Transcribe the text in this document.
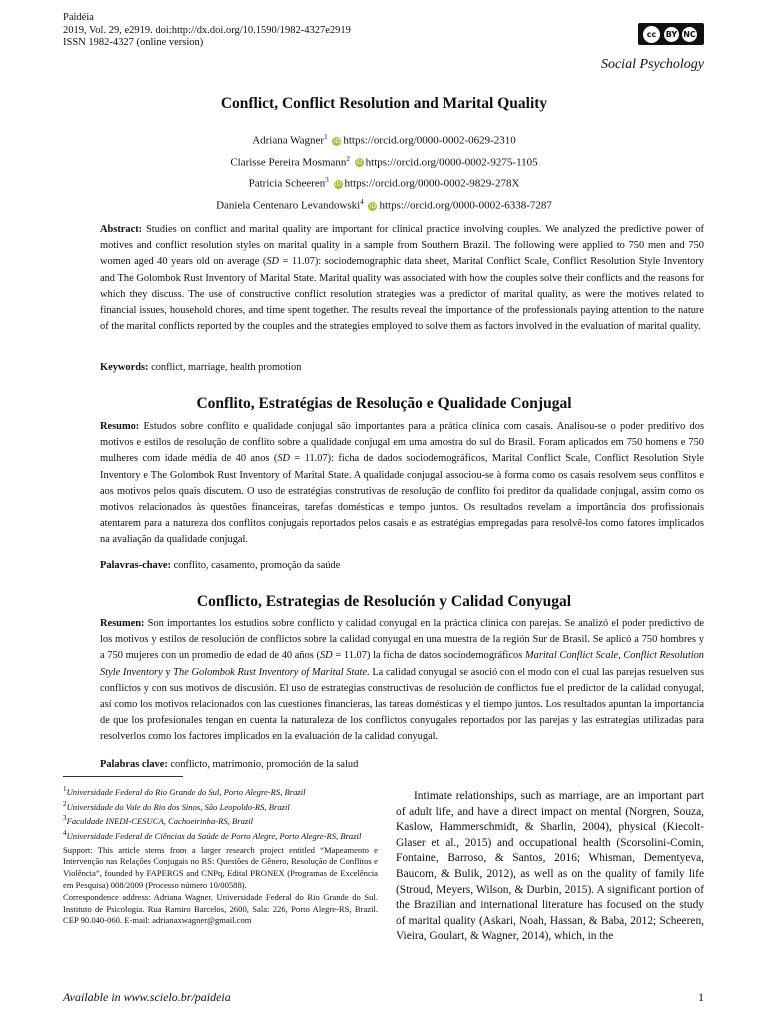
Paidéia
2019, Vol. 29, e2919. doi:http://dx.doi.org/10.1590/1982-4327e2919
ISSN 1982-4327 (online version)
cc	BY NC
Social Psychology
Conflict, Conflict Resolution and Marital Quality
Adriana Wagner$^1$ iD https://orcid.org/0000-0002-0629-2310
Clarisse Pereira Mosmann$^2$ iD https://orcid.org/0000-0002-9275-1105
Patricia Scheeren$^3$ iD https://orcid.org/0000-0002-9829-278X
Daniela Centenaro Levandowski$^4$ iD https://orcid.org/0000-0002-6338-7287
Abstract: Studies on conflict and marital quality are important for clinical practice involving couples. We analyzed the predictive power of motives and conflict resolution styles on marital quality in a sample from Southern Brazil. The following were applied to 750 men and 750 women aged 40 years old on average (SD = 11.07): sociodemographic data sheet, Marital Conflict Scale, Conflict Resolution Style Inventory and The Golombok Rust Inventory of Marital State. Marital quality was associated with how the couples solve their conflicts and the reasons for which they discuss. The use of constructive conflict resolution strategies was a predictor of marital quality, as were the motives related to financial issues, household chores, and time spent together. The results reveal the importance of the professionals paying attention to the nature of the marital conflicts reported by the couples and the strategies employed to solve them as factors involved in the evaluation of marital quality.
Keywords: conflict, marriage, health promotion
Conflito, Estratégias de Resolução e Qualidade Conjugal
Resumo: Estudos sobre conflito e qualidade conjugal são importantes para a prática clínica com casais. Analisou-se o poder preditivo dos motivos e estilos de resolução de conflito sobre a qualidade conjugal em uma amostra do sul do Brasil. Foram aplicados em 750 homens e 750 mulheres com idade média de 40 anos (SD = 11.07): ficha de dados sociodemográficos, Marital Conflict Scale, Conflict Resolution Style Inventory e The Golombok Rust Inventory of Marital State. A qualidade conjugal associou-se à forma como os casais resolvem seus conflitos e aos motivos pelos quais discutem. O uso de estratégias construtivas de resolução de conflito foi preditor da qualidade conjugal, assim como os motivos relacionados às questões financeiras, tarefas domésticas e tempo juntos. Os resultados revelam a importância dos profissionais atentarem para a natureza dos conflitos conjugais reportados pelos casais e as estratégias empregadas para resolvê-los como fatores implicados na avaliação da qualidade conjugal.
Palavras-chave: conflito, casamento, promoção da saúde
Conflicto, Estrategias de Resolución y Calidad Conyugal
Resumen: Son importantes los estudios sobre conflicto y calidad conyugal en la práctica clínica con parejas. Se analizó el poder predictivo de los motivos y estilos de resolución de conflictos sobre la calidad conyugal en una muestra de la región Sur de Brasil. Se aplicó a 750 hombres y a 750 mujeres con un promedio de edad de 40 años (SD = 11.07) la ficha de datos sociodemográficos Marital Conflict Scale, Conflict Resolution Style Inventory y The Golombok Rust Inventory of Marital State. La calidad conyugal se asoció con el modo con el cual las parejas resuelven sus conflictos y con sus motivos de discusión. El uso de estrategias constructivas de resolución de conflictos fue el predictor de la calidad conyugal, así como los motivos relacionados con las cuestiones financieras, las tareas domésticas y el tiempo juntos. Los resultados apuntan la importancia de que los profesionales tengan en cuenta la naturaleza de los conflictos conyugales reportados por las parejas y las estrategias utilizadas para resolverlos como los factores implicados en la evaluación de la calidad conyugal.
Palabras clave: conflicto, matrimonio, promoción de la salud
$^1$Universidade Federal do Rio Grande do Sul, Porto Alegre-RS, Brazil
$^2$Universidade do Vale do Rio dos Sinos, São Leopoldo-RS, Brazil
$^3$Faculdade INEDI-CESUCA, Cachoeirinha-RS, Brazil
$^4$Universidade Federal de Ciências da Saúde de Porto Alegre, Porto Alegre-RS, Brazil
Support: This article stems from a larger research project entitled “Mapeamento e Intervenção nas Relações Conjugais no RS: Questões de Gênero, Resolução de Conflitos e Violência”, founded by FAPERGS and CNPq, Edital PRONEX (Programas de Excelência em Pesquisa) 008/2009 (Processo número 10/00588).
Correspondence address: Adriana Wagner. Universidade Federal do Rio Grande do Sul. Instituto de Psicologia. Rua Ramiro Barcelos, 2600, Sala: 226, Porto Alegre-RS, Brazil. CEP 90.040-060. E-mail: adrianaxwagner@gmail.com
Intimate relationships, such as marriage, are an important part of adult life, and have a direct impact on mental (Norgren, Souza, Kaslow, Hammerschmidt, & Sharlin, 2004), physical (Kiecolt-Glaser et al., 2015) and occupational health (Scorsolini-Comin, Fontaine, Barroso, & Santos, 2016; Whisman, Dementyeva, Baucom, & Bulik, 2012), as well as on the quality of family life (Stroud, Meyers, Wilson, & Durbin, 2015). A significant portion of the Brazilian and international literature has focused on the study of marital quality (Askari, Noah, Hassan, & Baba, 2012; Scheeren, Vieira, Goulart, & Wagner, 2014), which, in the
Available in www.scielo.br/paideia	1
